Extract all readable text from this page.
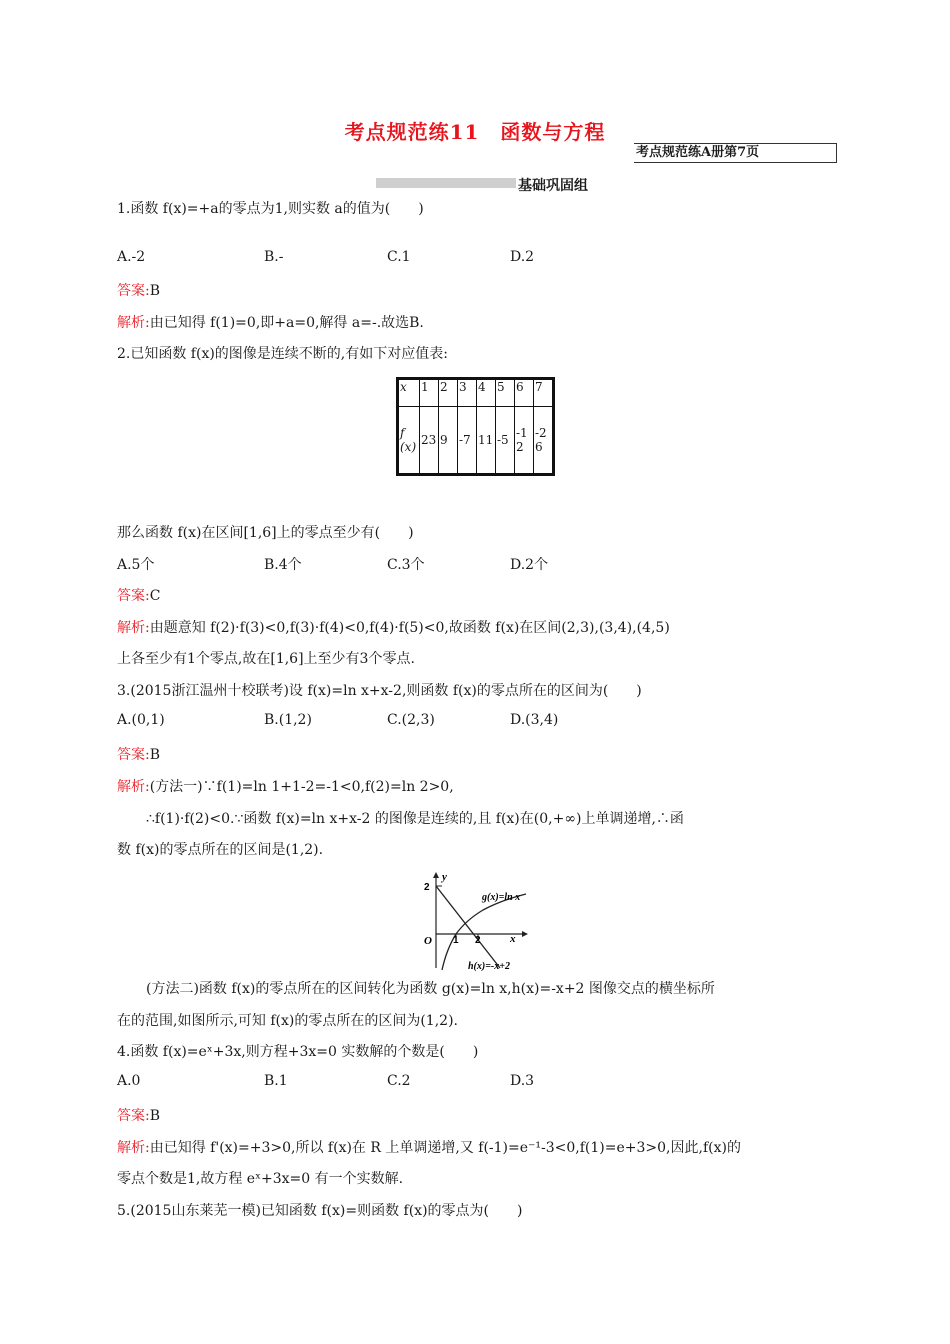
考点规范练11　函数与方程
考点规范练A册第7页
基础巩固组
1.函数 f(x)=+a的零点为1,则实数 a的值为(　　)
A.-2	B.-	C.1	D.2
答案:B
解析:由已知得 f(1)=0,即+a=0,解得 a=-.故选B.
2.已知函数 f(x)的图像是连续不断的,有如下对应值表:
x	1	2	3	4	5	6	7
f(x)	23	9	-7	11	-5	-12	-26
那么函数 f(x)在区间[1,6]上的零点至少有(　　)
A.5个	B.4个	C.3个	D.2个
答案:C
解析:由题意知 f(2)·f(3)<0,f(3)·f(4)<0,f(4)·f(5)<0,故函数 f(x)在区间(2,3),(3,4),(4,5)
上各至少有1个零点,故在[1,6]上至少有3个零点.
3.(2015浙江温州十校联考)设 f(x)=ln x+x-2,则函数 f(x)的零点所在的区间为(　　)
A.(0,1)	B.(1,2)	C.(2,3)	D.(3,4)
答案:B
解析:(方法一)∵f(1)=ln 1+1-2=-1<0,f(2)=ln 2>0,
∴f(1)·f(2)<0.∵函数 f(x)=ln x+x-2 的图像是连续的,且 f(x)在(0,+∞)上单调递增,∴函
数 f(x)的零点所在的区间是(1,2).
y
x
O 1 2
2
g(x)=ln x
h(x)=-x+2
(方法二)函数 f(x)的零点所在的区间转化为函数 g(x)=ln x,h(x)=-x+2 图像交点的横坐标所
在的范围,如图所示,可知 f(x)的零点所在的区间为(1,2).
4.函数 f(x)=eˣ+3x,则方程+3x=0 实数解的个数是(　　)
A.0	B.1	C.2	D.3
答案:B
解析:由已知得 f'(x)=+3>0,所以 f(x)在 R 上单调递增,又 f(-1)=e⁻¹-3<0,f(1)=e+3>0,因此,f(x)的
零点个数是1,故方程 eˣ+3x=0 有一个实数解.
5.(2015山东莱芜一模)已知函数 f(x)=则函数 f(x)的零点为(　　)
